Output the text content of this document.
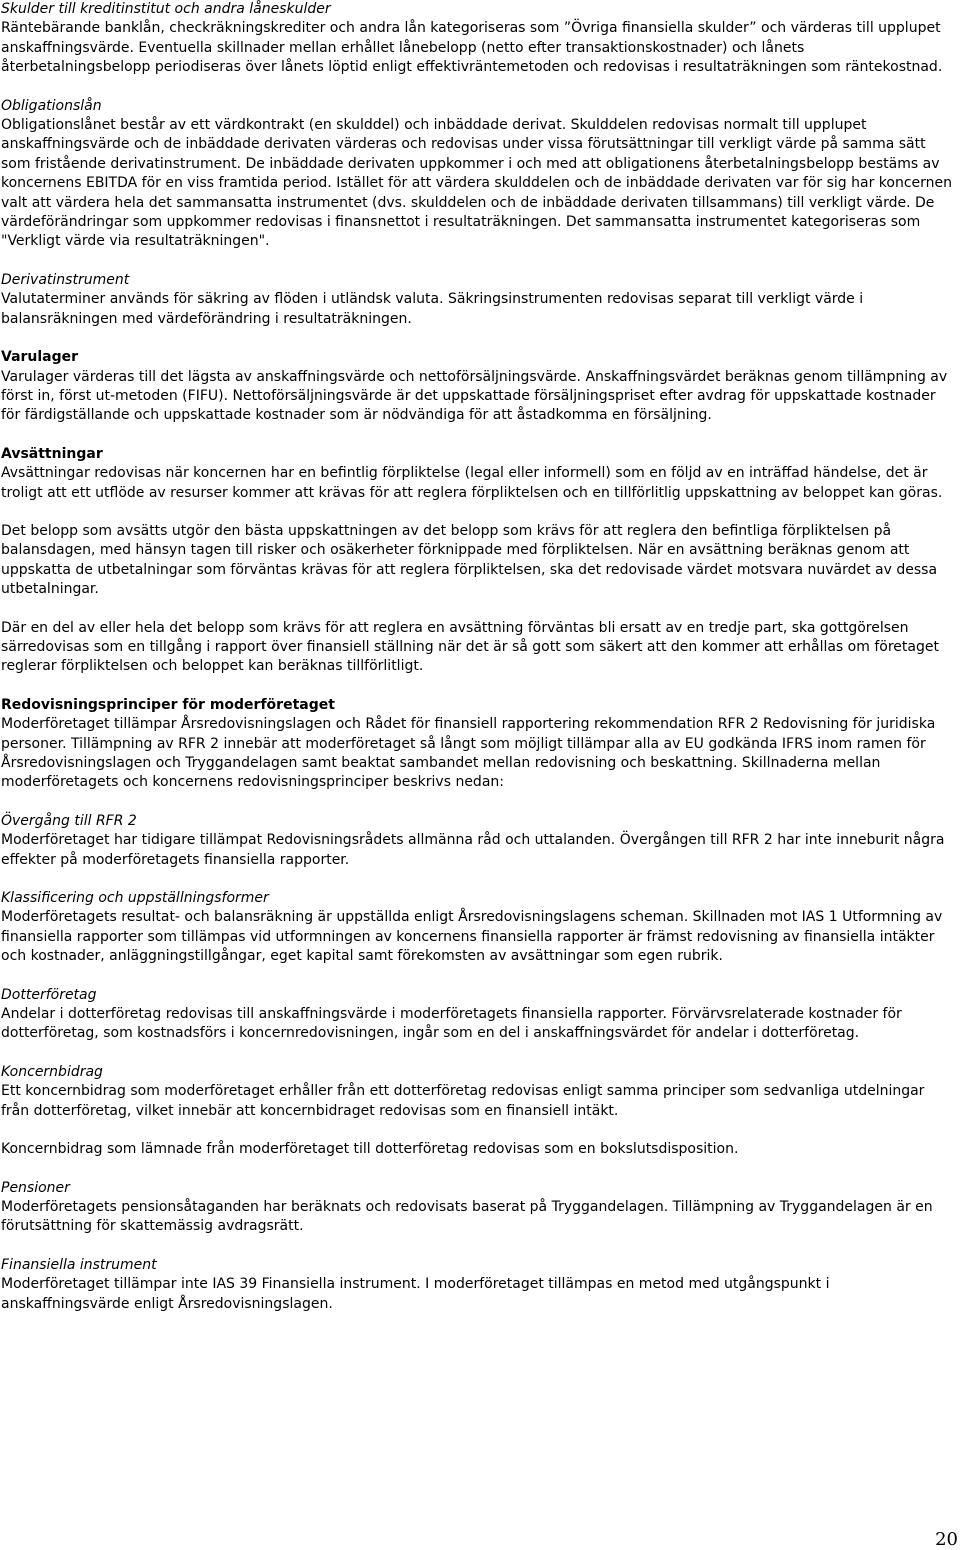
Skulder till kreditinstitut och andra låneskulder

Räntebärande banklån, checkräkningskrediter och andra lån kategoriseras som ”Övriga finansiella skulder” och värderas till upplupet anskaffningsvärde. Eventuella skillnader mellan erhållet lånebelopp (netto efter transaktionskostnader) och lånets återbetalningsbelopp periodiseras över lånets löptid enligt effektivräntemetoden och redovisas i resultaträkningen som räntekostnad.

Obligationslån

Obligationslånet består av ett värdkontrakt (en skulddel) och inbäddade derivat. Skulddelen redovisas normalt till upplupet anskaffningsvärde och de inbäddade derivaten värderas och redovisas under vissa förutsättningar till verkligt värde på samma sätt som fristående derivatinstrument. De inbäddade derivaten uppkommer i och med att obligationens återbetalningsbelopp bestäms av koncernens EBITDA för en viss framtida period. Istället för att värdera skulddelen och de inbäddade derivaten var för sig har koncernen valt att värdera hela det sammansatta instrumentet (dvs. skulddelen och de inbäddade derivaten tillsammans) till verkligt värde. De värdeförändringar som uppkommer redovisas i finansnettot i resultaträkningen. Det sammansatta instrumentet kategoriseras som "Verkligt värde via resultaträkningen".

Derivatinstrument

Valutaterminer används för säkring av flöden i utländsk valuta. Säkringsinstrumenten redovisas separat till verkligt värde i balansräkningen med värdeförändring i resultaträkningen.

Varulager

Varulager värderas till det lägsta av anskaffningsvärde och nettoförsäljningsvärde. Anskaffningsvärdet beräknas genom tillämpning av först in, först ut-metoden (FIFU). Nettoförsäljningsvärde är det uppskattade försäljningspriset efter avdrag för uppskattade kostnader för färdigställande och uppskattade kostnader som är nödvändiga för att åstadkomma en försäljning.

Avsättningar

Avsättningar redovisas när koncernen har en befintlig förpliktelse (legal eller informell) som en följd av en inträffad händelse, det är troligt att ett utflöde av resurser kommer att krävas för att reglera förpliktelsen och en tillförlitlig uppskattning av beloppet kan göras.

Det belopp som avsätts utgör den bästa uppskattningen av det belopp som krävs för att reglera den befintliga förpliktelsen på balansdagen, med hänsyn tagen till risker och osäkerheter förknippade med förpliktelsen. När en avsättning beräknas genom att uppskatta de utbetalningar som förväntas krävas för att reglera förpliktelsen, ska det redovisade värdet motsvara nuvärdet av dessa utbetalningar.

Där en del av eller hela det belopp som krävs för att reglera en avsättning förväntas bli ersatt av en tredje part, ska gottgörelsen särredovisas som en tillgång i rapport över finansiell ställning när det är så gott som säkert att den kommer att erhållas om företaget reglerar förpliktelsen och beloppet kan beräknas tillförlitligt.

Redovisningsprinciper för moderföretaget

Moderföretaget tillämpar Årsredovisningslagen och Rådet för finansiell rapportering rekommendation RFR 2 Redovisning för juridiska personer. Tillämpning av RFR 2 innebär att moderföretaget så långt som möjligt tillämpar alla av EU godkända IFRS inom ramen för Årsredovisningslagen och Tryggandelagen samt beaktat sambandet mellan redovisning och beskattning. Skillnaderna mellan moderföretagets och koncernens redovisningsprinciper beskrivs nedan:

Övergång till RFR 2

Moderföretaget har tidigare tillämpat Redovisningsrådets allmänna råd och uttalanden. Övergången till RFR 2 har inte inneburit några effekter på moderföretagets finansiella rapporter.

Klassificering och uppställningsformer

Moderföretagets resultat- och balansräkning är uppställda enligt Årsredovisningslagens scheman. Skillnaden mot IAS 1 Utformning av finansiella rapporter som tillämpas vid utformningen av koncernens finansiella rapporter är främst redovisning av finansiella intäkter och kostnader, anläggningstillgångar, eget kapital samt förekomsten av avsättningar som egen rubrik.

Dotterföretag

Andelar i dotterföretag redovisas till anskaffningsvärde i moderföretagets finansiella rapporter. Förvärvsrelaterade kostnader för dotterföretag, som kostnadsförs i koncernredovisningen, ingår som en del i anskaffningsvärdet för andelar i dotterföretag.

Koncernbidrag

Ett koncernbidrag som moderföretaget erhåller från ett dotterföretag redovisas enligt samma principer som sedvanliga utdelningar från dotterföretag, vilket innebär att koncernbidraget redovisas som en finansiell intäkt.

Koncernbidrag som lämnade från moderföretaget till dotterföretag redovisas som en bokslutsdisposition.

Pensioner

Moderföretagets pensionsåtaganden har beräknats och redovisats baserat på Tryggandelagen. Tillämpning av Tryggandelagen är en förutsättning för skattemässig avdragsrätt.

Finansiella instrument

Moderföretaget tillämpar inte IAS 39 Finansiella instrument. I moderföretaget tillämpas en metod med utgångspunkt i anskaffningsvärde enligt Årsredovisningslagen.

20
